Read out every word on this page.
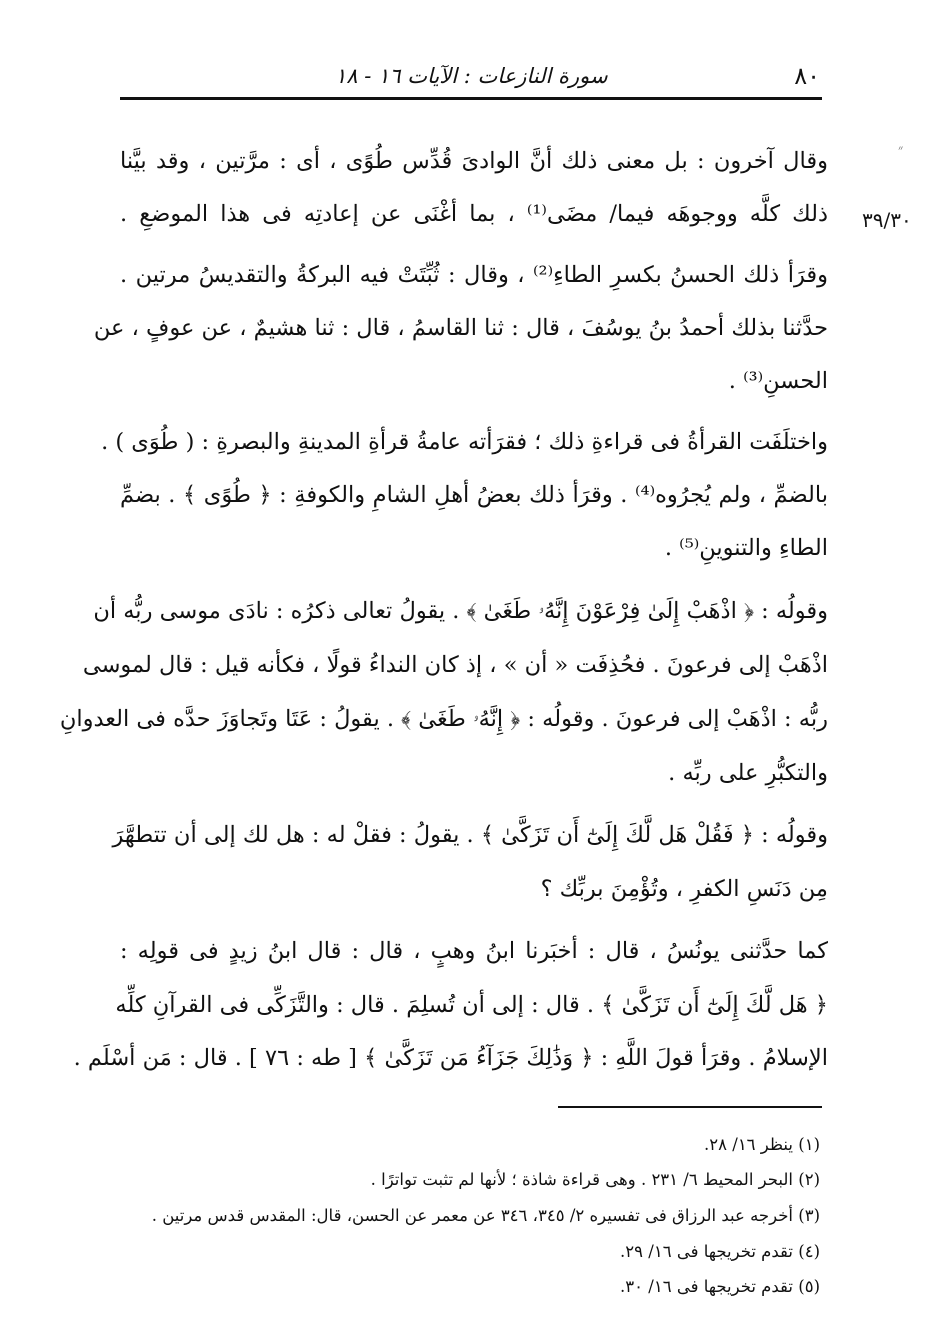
٨٠
سورة النازعات : الآيات ١٦ - ١٨
״
٣٩/٣٠
وقال آخرون : بل معنى ذلك أنَّ الوادىَ قُدِّس طُوًى ، أى : مرَّتين ، وقد بيَّنا
ذلك كلَّه ووجوهَه فيما/ مضَى⁽¹⁾ ، بما أغْنَى عن إعادتِه فى هذا الموضعِ .
وقرَأ ذلك الحسنُ بكسرِ الطاءِ⁽²⁾ ، وقال : ثُبِّتَتْ فيه البركةُ والتقديسُ مرتين .
حدَّثنا بذلك أحمدُ بنُ يوسُفَ ، قال : ثنا القاسمُ ، قال : ثنا هشيمٌ ، عن عوفٍ ، عن
الحسنِ⁽³⁾ .
واختلَفَت القرأةُ فى قراءةِ ذلك ؛ فقرَأته عامةُ قرأةِ المدينةِ والبصرةِ : ( طُوَى ) .
بالضمِّ ، ولم يُجرُوه⁽⁴⁾ . وقرَأ ذلك بعضُ أهلِ الشامِ والكوفةِ : ﴿ طُوًى ﴾ . بضمِّ
الطاءِ والتنوينِ⁽⁵⁾ .
وقولُه : ﴿ اذْهَبْ إِلَىٰ فِرْعَوْنَ إِنَّهُۥ طَغَىٰ ﴾ . يقولُ تعالى ذكرُه : نادَى موسى ربُّه أن
اذْهَبْ إلى فرعونَ . فحُذِفَت « أن » ، إذ كان النداءُ قولًا ، فكأنه قيل : قال لموسى
ربُّه : اذْهَبْ إلى فرعونَ . وقولُه : ﴿ إِنَّهُۥ طَغَىٰ ﴾ . يقولُ : عَتَا وتَجاوَزَ حدَّه فى العدوانِ
والتكبُّرِ على ربِّه .
وقولُه : ﴿ فَقُلْ هَل لَّكَ إِلَىٰٓ أَن تَزَكَّىٰ ﴾ . يقولُ : فقلْ له : هل لك إلى أن تتطهَّرَ
مِن دَنَسِ الكفرِ ، وتُؤْمِنَ بربِّك ؟
كما حدَّثنى يونُسُ ، قال : أخبَرنا ابنُ وهبٍ ، قال : قال ابنُ زيدٍ فى قولِه :
﴿ هَل لَّكَ إِلَىٰٓ أَن تَزَكَّىٰ ﴾ . قال : إلى أن تُسلِمَ . قال : والتَّزَكِّى فى القرآنِ كلِّه
الإسلامُ . وقرَأ قولَ اللَّهِ : ﴿ وَذَٰلِكَ جَزَآءُ مَن تَزَكَّىٰ ﴾ [ طه : ٧٦ ] . قال : مَن أسْلَم .
(١) ينظر ١٦/ ٢٨.
(٢) البحر المحيط ٦/ ٢٣١ . وهى قراءة شاذة ؛ لأنها لم تثبت تواترًا .
(٣) أخرجه عبد الرزاق فى تفسيره ٢/ ٣٤٥، ٣٤٦ عن معمر عن الحسن، قال: المقدس قدس مرتين .
(٤) تقدم تخريجها فى ١٦/ ٢٩.
(٥) تقدم تخريجها فى ١٦/ ٣٠.
